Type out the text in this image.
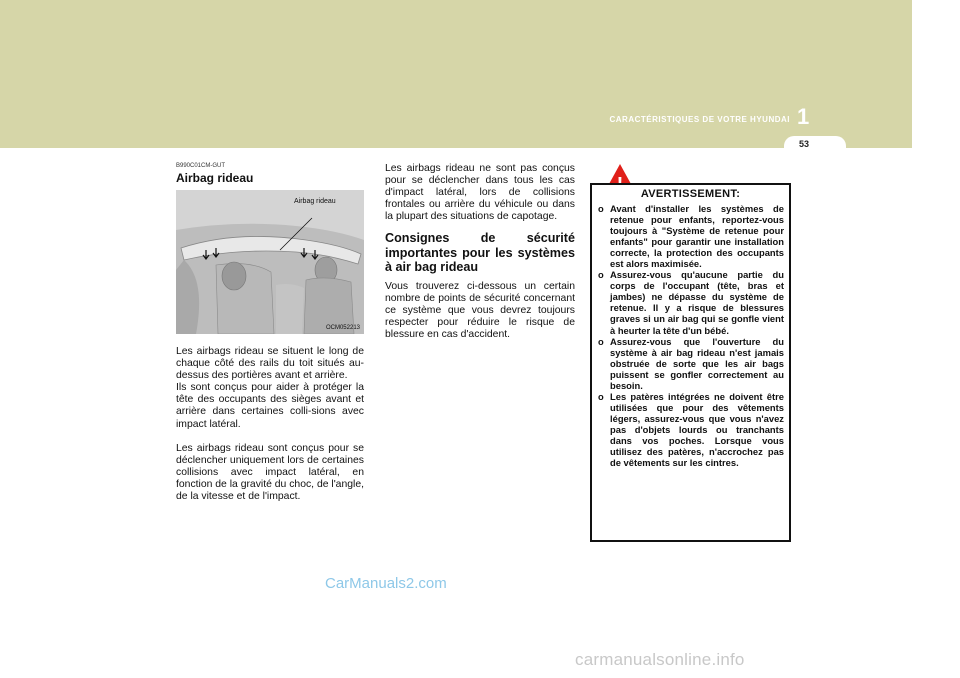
CARACTÉRISTIQUES DE VOTRE HYUNDAI 1
53

B990C01CM-GUT

Airbag rideau
Airbag rideau
OCM052213

Les airbags rideau se situent le long de chaque côté des rails du toit situés au-dessus des portières avant et arrière.

Ils sont conçus pour aider à protéger la tête des occupants des sièges avant et arrière dans certaines colli-sions avec impact latéral.

Les airbags rideau sont conçus pour se déclencher uniquement lors de certaines collisions avec impact latéral, en fonction de la gravité du choc, de l'angle, de la vitesse et de l'impact.

Les airbags rideau ne sont pas conçus pour se déclencher dans tous les cas d'impact latéral, lors de collisions frontales ou arrière du véhicule ou dans la plupart des situations de capotage.

Consignes de sécurité importantes pour les systèmes à air bag rideau

Vous trouverez ci-dessous un certain nombre de points de sécurité concernant ce système que vous devrez toujours respecter pour réduire le risque de blessure en cas d'accident.

AVERTISSEMENT:
o Avant d'installer les systèmes de retenue pour enfants, reportez-vous toujours à "Système de retenue pour enfants" pour garantir une installation correcte, la protection des occupants est alors maximisée.
o Assurez-vous qu'aucune partie du corps de l'occupant (tête, bras et jambes) ne dépasse du système de retenue. Il y a risque de blessures graves si un air bag qui se gonfle vient à heurter la tête d'un bébé.
o Assurez-vous que l'ouverture du système à air bag rideau n'est jamais obstruée de sorte que les air bags puissent se gonfler correctement au besoin.
o Les patères intégrées ne doivent être utilisées que pour des vêtements légers, assurez-vous que vous n'avez pas d'objets lourds ou tranchants dans vos poches. Lorsque vous utilisez des patères, n'accrochez pas de vêtements sur les cintres.
CarManuals2.com
carmanualsonline.info
